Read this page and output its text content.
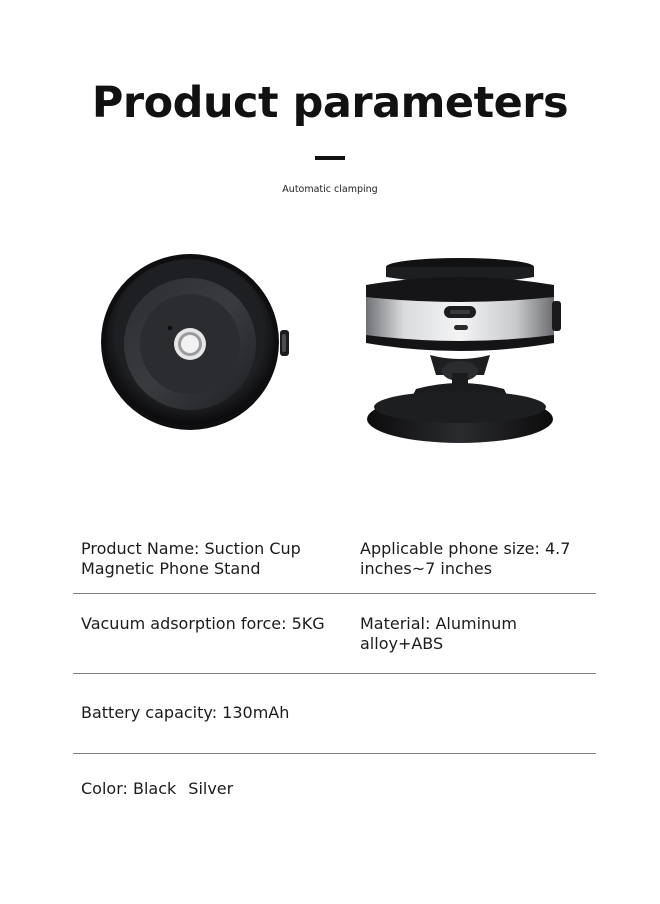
Product parameters
Automatic clamping
Product Name: Suction Cup Magnetic Phone Stand
Applicable phone size: 4.7 inches~7 inches
Vacuum adsorption force: 5KG	Material: Aluminum alloy+ABS
Battery capacity: 130mAh
Color: Black Silver
